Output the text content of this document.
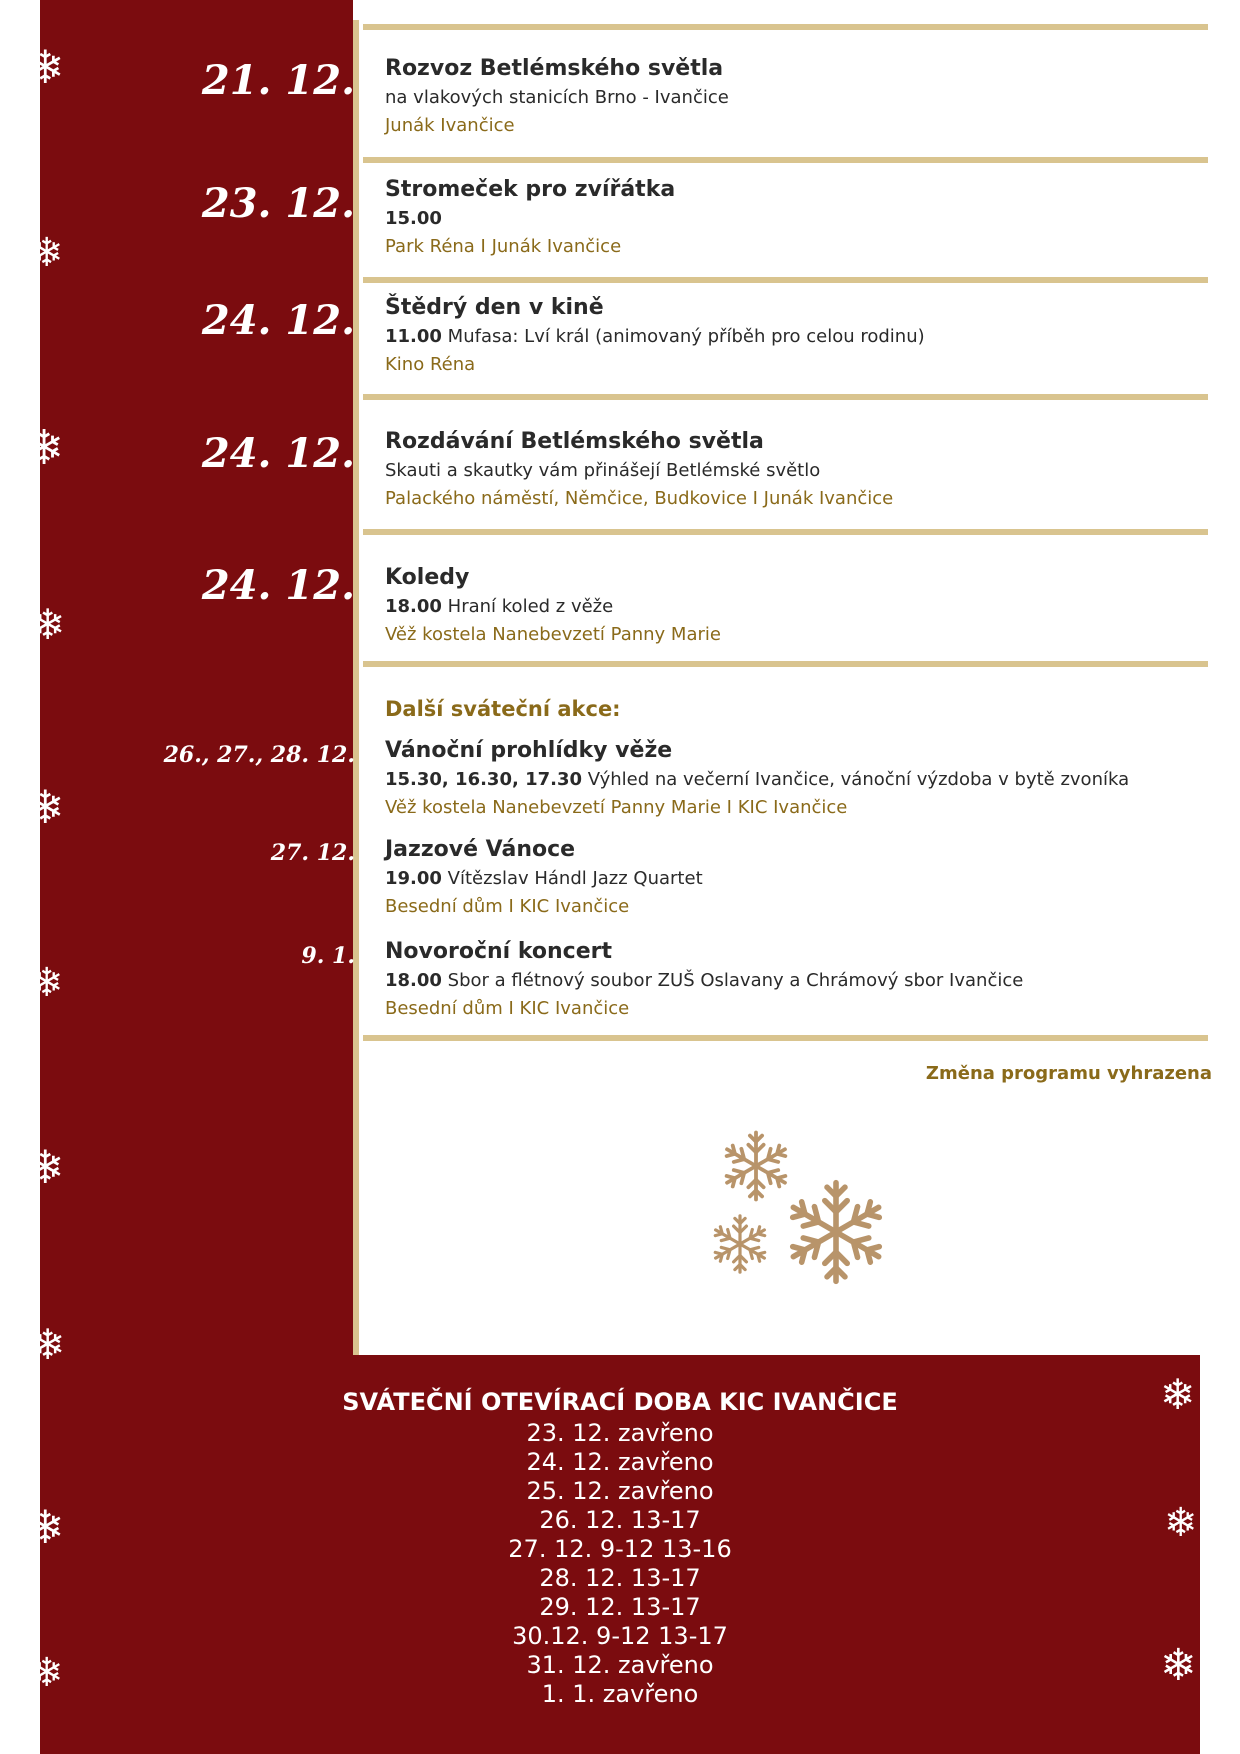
21. 12.
23. 12.
24. 12.
24. 12.
24. 12.
Rozvoz Betlémského světla
na vlakových stanicích Brno - Ivančice
Junák Ivančice
Stromeček pro zvířátka
15.00
Park Réna I Junák Ivančice
Štědrý den v kině
11.00 Mufasa: Lví král (animovaný příběh pro celou rodinu)
Kino Réna
Rozdávání Betlémského světla
Skauti a skautky vám přinášejí Betlémské světlo
Palackého náměstí, Němčice, Budkovice I Junák Ivančice
Koledy
18.00 Hraní koled z věže
Věž kostela Nanebevzetí Panny Marie
Další sváteční akce:
26., 27., 28. 12.
27. 12.
9. 1.
Vánoční prohlídky věže
15.30, 16.30, 17.30 Výhled na večerní Ivančice, vánoční výzdoba v bytě zvoníka
Věž kostela Nanebevzetí Panny Marie I KIC Ivančice
Jazzové Vánoce
19.00 Vítězslav Hándl Jazz Quartet
Besední dům I KIC Ivančice
Novoroční koncert
18.00 Sbor a flétnový soubor ZUŠ Oslavany a Chrámový sbor Ivančice
Besední dům I KIC Ivančice
Změna programu vyhrazena
❄
❄
❄
❄
❄
❄
❄
❄
❄
❄
❄
❄
❄
SVÁTEČNÍ OTEVÍRACÍ DOBA KIC IVANČICE
23. 12. zavřeno
24. 12. zavřeno
25. 12. zavřeno
26. 12. 13-17
27. 12. 9-12 13-16
28. 12. 13-17
29. 12. 13-17
30.12. 9-12 13-17
31. 12. zavřeno
1. 1. zavřeno
